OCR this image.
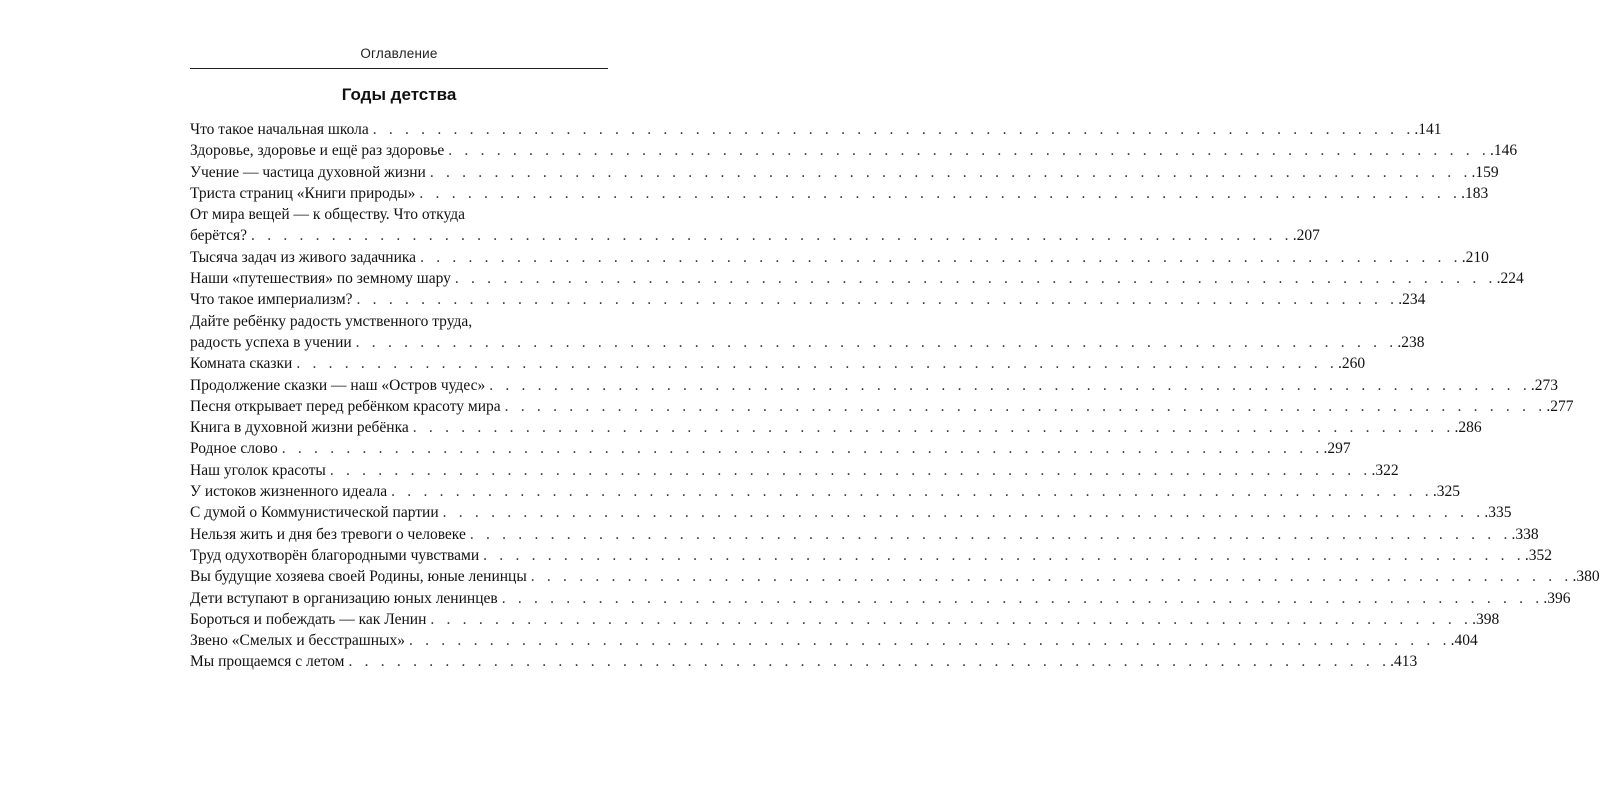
Оглавление
Годы детства
Что такое начальная школа . . . . . . . . . . . . . . . . . . . . . . . . . . . . . . . . . . . . . . . . . . . . . . . . . . . . . . . . . . . . . . . . . .141
Здоровье, здоровье и ещё раз здоровье . . . . . . . . . . . . . . . . . . . . . . . . . . . . . . . . . . . . . . . . . . . . . . . . . . . . . . . . . . . . . . . . . .146
Учение — частица духовной жизни . . . . . . . . . . . . . . . . . . . . . . . . . . . . . . . . . . . . . . . . . . . . . . . . . . . . . . . . . . . . . . . . . .159
Триста страниц «Книги природы» . . . . . . . . . . . . . . . . . . . . . . . . . . . . . . . . . . . . . . . . . . . . . . . . . . . . . . . . . . . . . . . . . .183
От мира вещей — к обществу. Что откуда
берётся? . . . . . . . . . . . . . . . . . . . . . . . . . . . . . . . . . . . . . . . . . . . . . . . . . . . . . . . . . . . . . . . . . .207
Тысяча задач из живого задачника . . . . . . . . . . . . . . . . . . . . . . . . . . . . . . . . . . . . . . . . . . . . . . . . . . . . . . . . . . . . . . . . . .210
Наши «путешествия» по земному шару . . . . . . . . . . . . . . . . . . . . . . . . . . . . . . . . . . . . . . . . . . . . . . . . . . . . . . . . . . . . . . . . . .224
Что такое империализм? . . . . . . . . . . . . . . . . . . . . . . . . . . . . . . . . . . . . . . . . . . . . . . . . . . . . . . . . . . . . . . . . . .234
Дайте ребёнку радость умственного труда,
радость успеха в учении . . . . . . . . . . . . . . . . . . . . . . . . . . . . . . . . . . . . . . . . . . . . . . . . . . . . . . . . . . . . . . . . . .238
Комната сказки . . . . . . . . . . . . . . . . . . . . . . . . . . . . . . . . . . . . . . . . . . . . . . . . . . . . . . . . . . . . . . . . . .260
Продолжение сказки — наш «Остров чудес» . . . . . . . . . . . . . . . . . . . . . . . . . . . . . . . . . . . . . . . . . . . . . . . . . . . . . . . . . . . . . . . . . .273
Песня открывает перед ребёнком красоту мира . . . . . . . . . . . . . . . . . . . . . . . . . . . . . . . . . . . . . . . . . . . . . . . . . . . . . . . . . . . . . . . . . .277
Книга в духовной жизни ребёнка . . . . . . . . . . . . . . . . . . . . . . . . . . . . . . . . . . . . . . . . . . . . . . . . . . . . . . . . . . . . . . . . . .286
Родное слово . . . . . . . . . . . . . . . . . . . . . . . . . . . . . . . . . . . . . . . . . . . . . . . . . . . . . . . . . . . . . . . . . .297
Наш уголок красоты . . . . . . . . . . . . . . . . . . . . . . . . . . . . . . . . . . . . . . . . . . . . . . . . . . . . . . . . . . . . . . . . . .322
У истоков жизненного идеала . . . . . . . . . . . . . . . . . . . . . . . . . . . . . . . . . . . . . . . . . . . . . . . . . . . . . . . . . . . . . . . . . .325
С думой о Коммунистической партии . . . . . . . . . . . . . . . . . . . . . . . . . . . . . . . . . . . . . . . . . . . . . . . . . . . . . . . . . . . . . . . . . .335
Нельзя жить и дня без тревоги о человеке . . . . . . . . . . . . . . . . . . . . . . . . . . . . . . . . . . . . . . . . . . . . . . . . . . . . . . . . . . . . . . . . . .338
Труд одухотворён благородными чувствами . . . . . . . . . . . . . . . . . . . . . . . . . . . . . . . . . . . . . . . . . . . . . . . . . . . . . . . . . . . . . . . . . .352
Вы будущие хозяева своей Родины, юные ленинцы . . . . . . . . . . . . . . . . . . . . . . . . . . . . . . . . . . . . . . . . . . . . . . . . . . . . . . . . . . . . . . . . . .380
Дети вступают в организацию юных ленинцев . . . . . . . . . . . . . . . . . . . . . . . . . . . . . . . . . . . . . . . . . . . . . . . . . . . . . . . . . . . . . . . . . .396
Бороться и побеждать — как Ленин . . . . . . . . . . . . . . . . . . . . . . . . . . . . . . . . . . . . . . . . . . . . . . . . . . . . . . . . . . . . . . . . . .398
Звено «Смелых и бесстрашных» . . . . . . . . . . . . . . . . . . . . . . . . . . . . . . . . . . . . . . . . . . . . . . . . . . . . . . . . . . . . . . . . . .404
Мы прощаемся с летом . . . . . . . . . . . . . . . . . . . . . . . . . . . . . . . . . . . . . . . . . . . . . . . . . . . . . . . . . . . . . . . . . .413
